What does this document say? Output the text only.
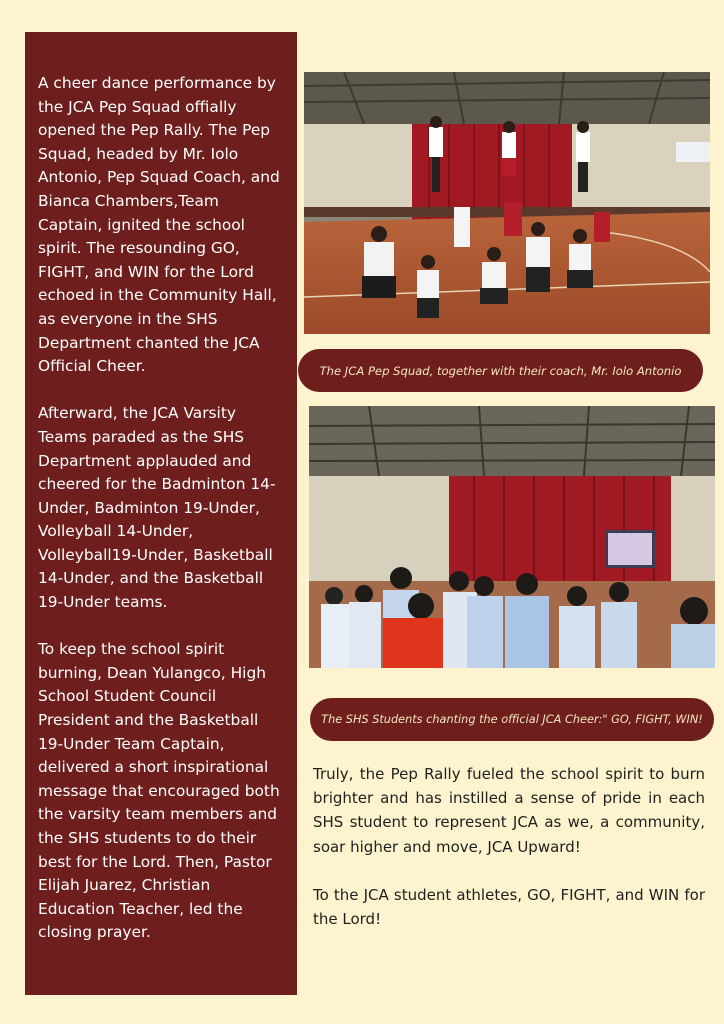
A cheer dance performance by the JCA Pep Squad offially opened the Pep Rally. The Pep Squad, headed by Mr. Iolo Antonio, Pep Squad Coach, and Bianca Chambers,Team Captain, ignited the school spirit. The resounding GO, FIGHT, and WIN for the Lord echoed in the Community Hall, as everyone in the SHS Department chanted the JCA Official Cheer.

Afterward, the JCA Varsity Teams paraded as the SHS Department applauded and cheered for the Badminton 14-Under, Badminton 19-Under, Volleyball 14-Under, Volleyball19-Under, Basketball 14-Under, and the Basketball 19-Under teams.

To keep the school spirit burning, Dean Yulangco, High School Student Council President and the Basketball 19-Under Team Captain, delivered a short inspirational message that encouraged both the varsity team members and the SHS students to do their best for the Lord. Then, Pastor Elijah Juarez, Christian Education Teacher, led the closing prayer.

The JCA Pep Squad, together with their coach, Mr. Iolo Antonio
The SHS Students chanting the official JCA Cheer:" GO, FIGHT, WIN!

Truly, the Pep Rally fueled the school spirit to burn brighter and has instilled a sense of pride in each SHS student to represent JCA as we, a community, soar higher and move, JCA Upward!

To the JCA student athletes, GO, FIGHT, and WIN for the Lord!
